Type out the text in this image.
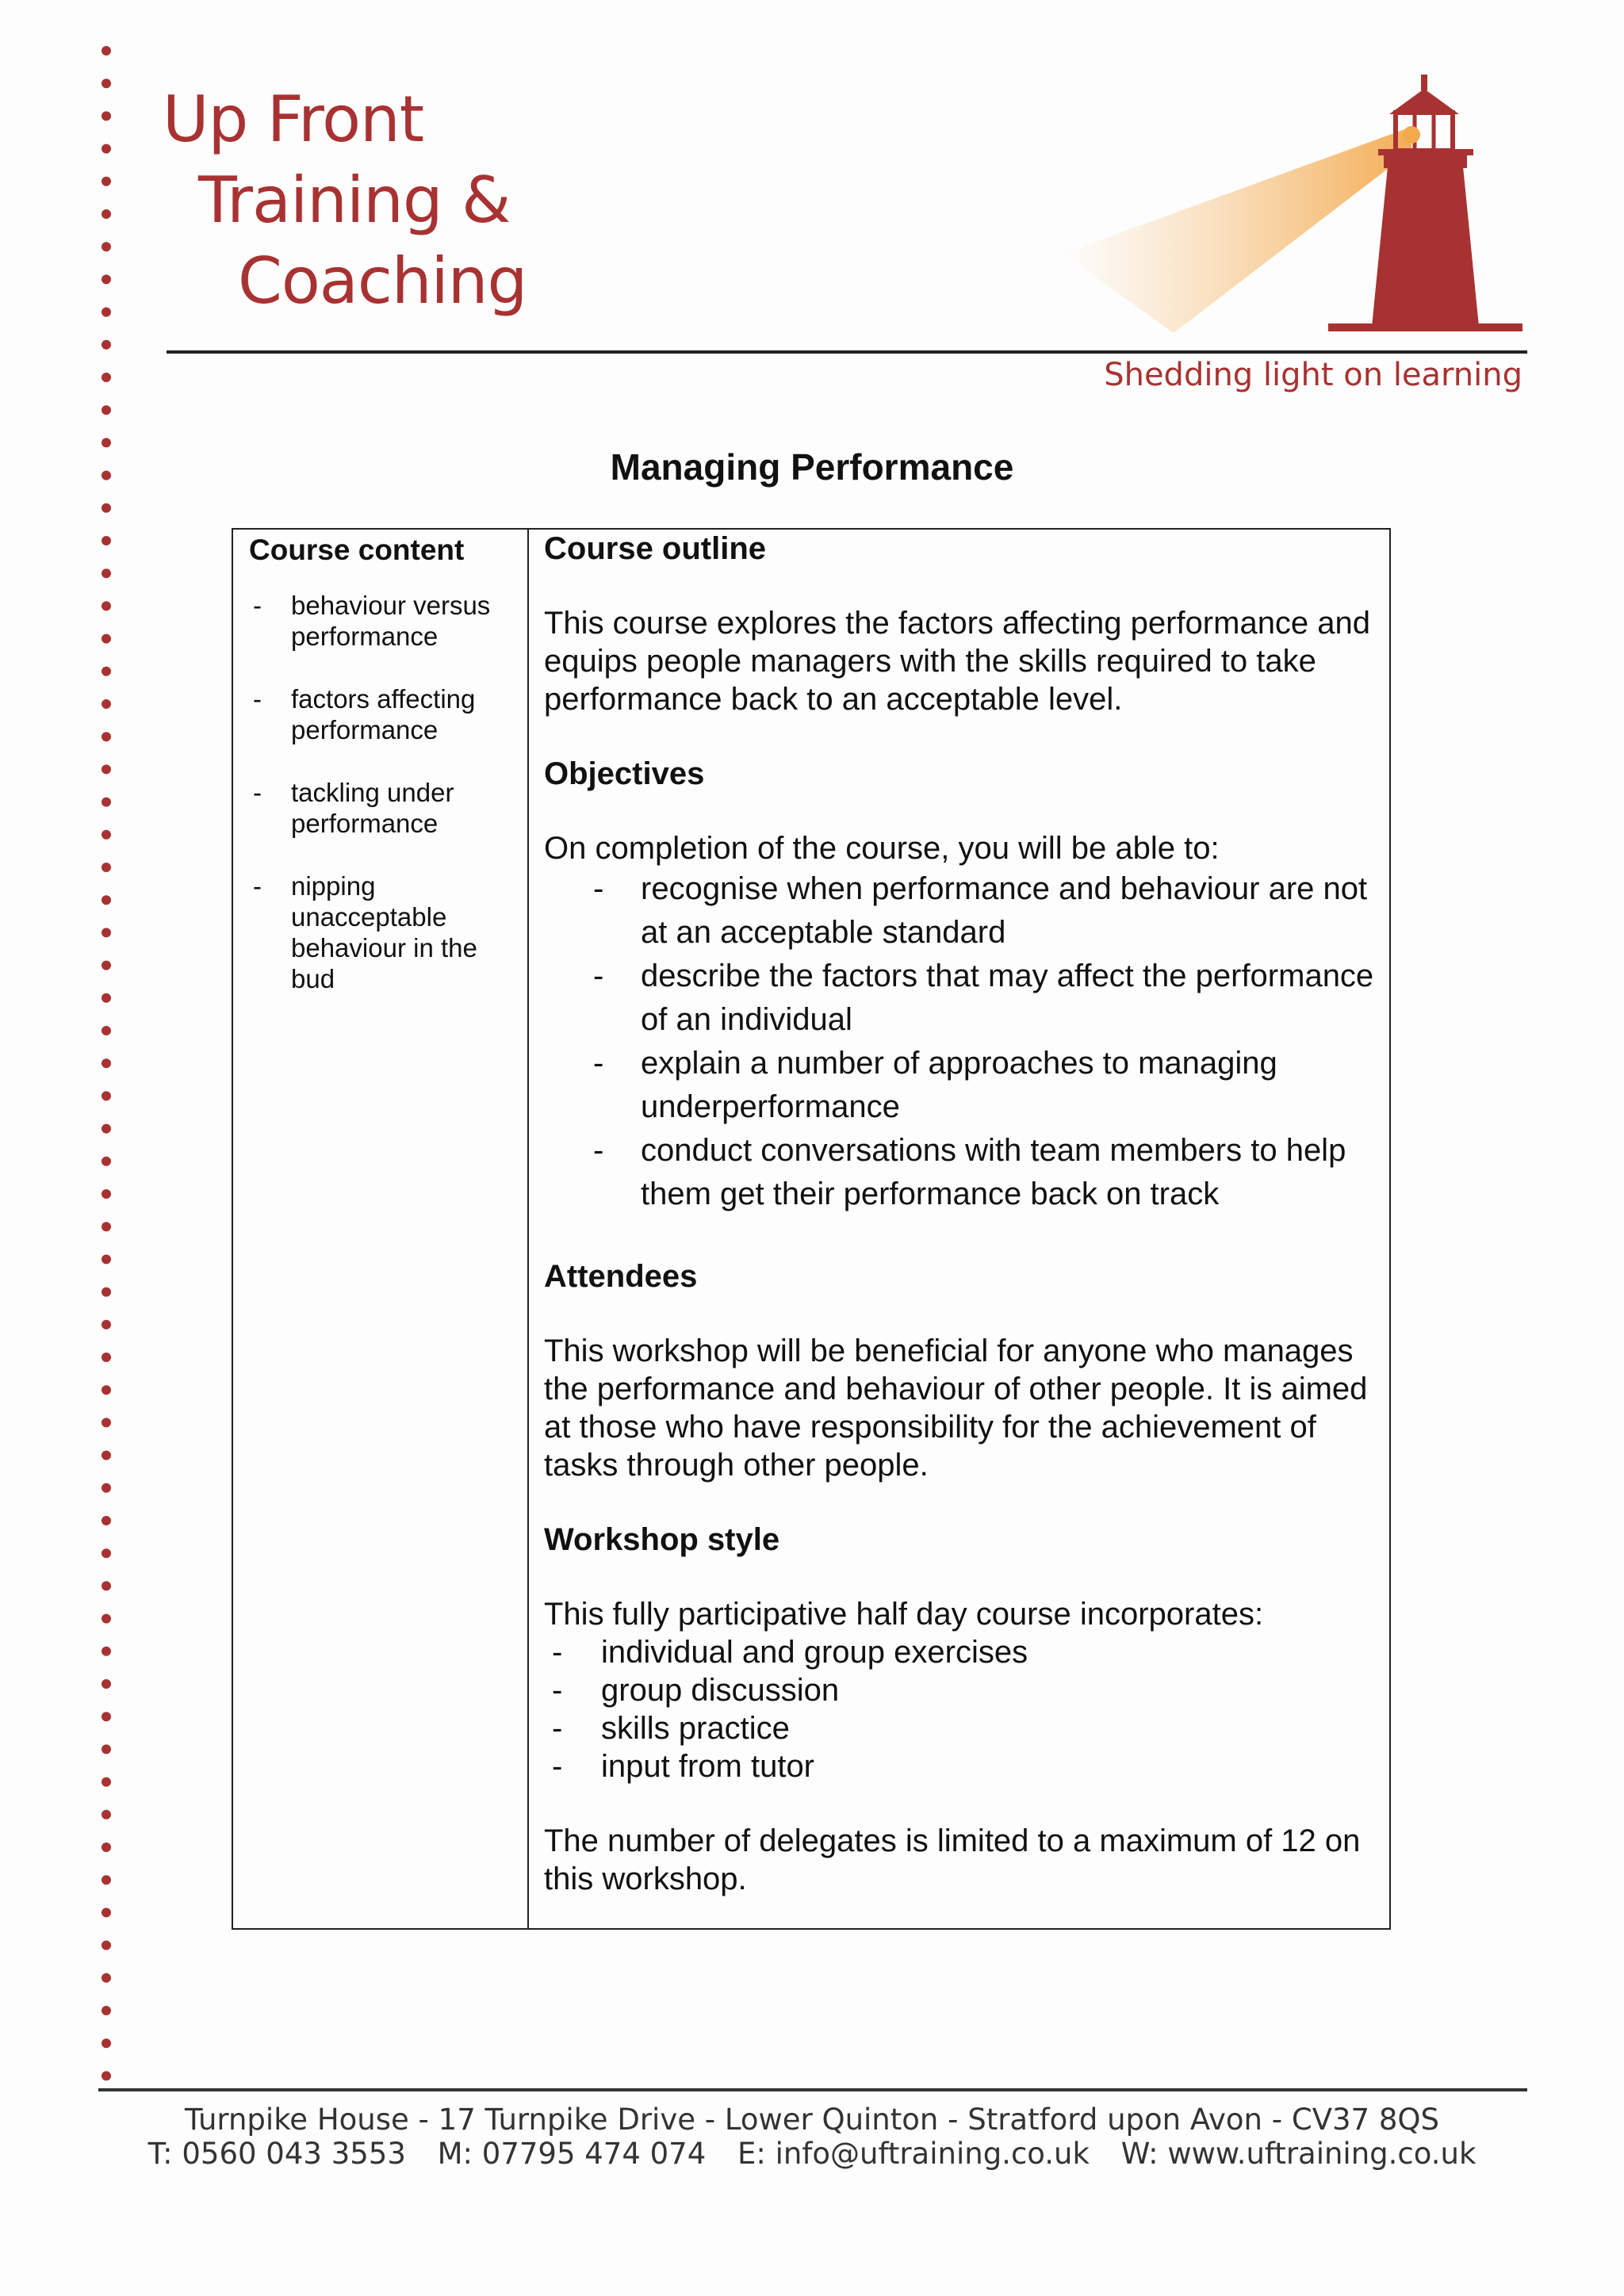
Up Front
Training &
Coaching
Shedding light on learning
Managing Performance
Course content
- behaviour versus performance
- factors affecting performance
- tackling under performance
- nipping unacceptable behaviour in the bud
Course outline

This course explores the factors affecting performance and equips people managers with the skills required to take performance back to an acceptable level.

Objectives

On completion of the course, you will be able to:

- recognise when performance and behaviour are not at an acceptable standard
- describe the factors that may affect the performance of an individual
- explain a number of approaches to managing underperformance
- conduct conversations with team members to help them get their performance back on track
Attendees

This workshop will be beneficial for anyone who manages the performance and behaviour of other people. It is aimed at those who have responsibility for the achievement of tasks through other people.

Workshop style

This fully participative half day course incorporates:

- individual and group exercises
- group discussion
- skills practice
- input from tutor

The number of delegates is limited to a maximum of 12 on this workshop.

Turnpike House - 17 Turnpike Drive - Lower Quinton - Stratford upon Avon - CV37 8QS
T: 0560 043 3553 M: 07795 474 074 E: info@uftraining.co.uk W: www.uftraining.co.uk
